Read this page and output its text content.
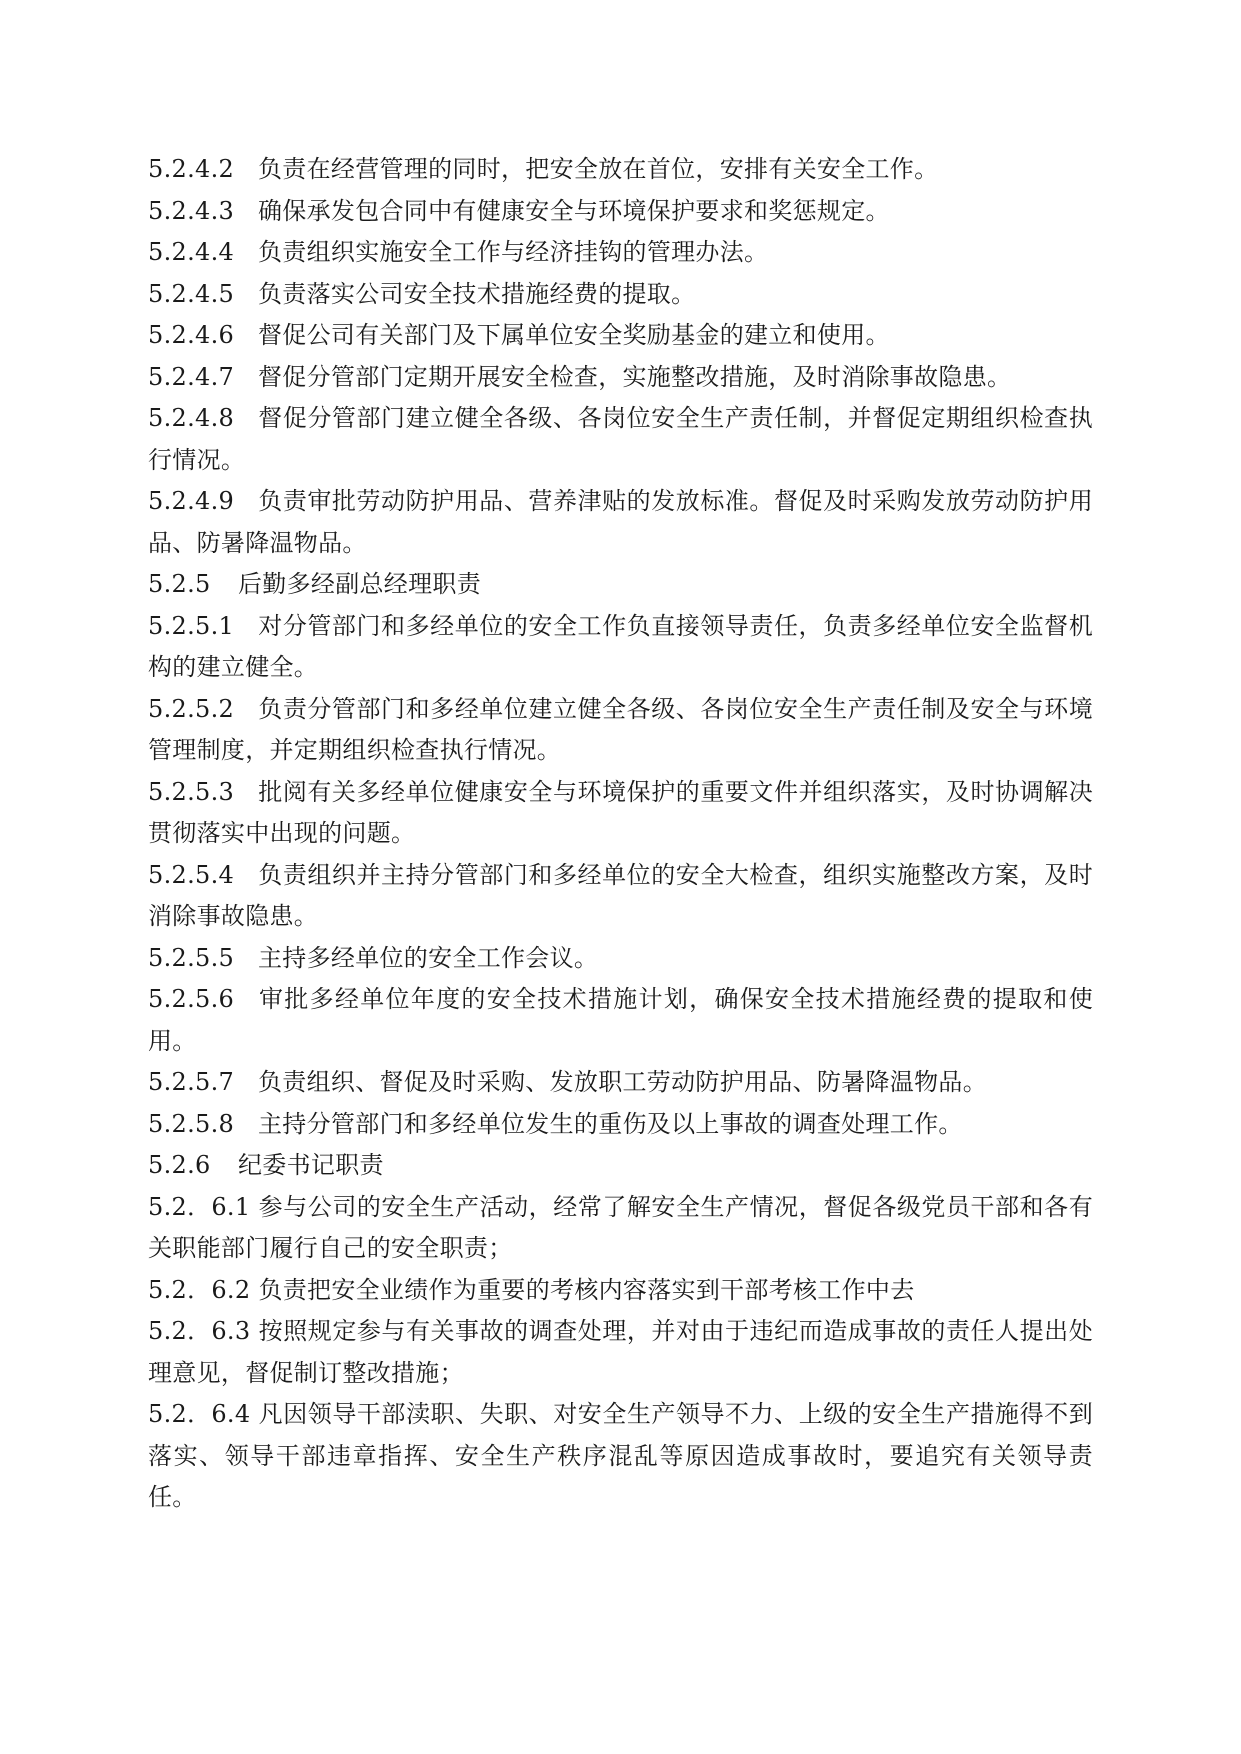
5.2.4.2 负责在经营管理的同时，把安全放在首位，安排有关安全工作。

5.2.4.3 确保承发包合同中有健康安全与环境保护要求和奖惩规定。

5.2.4.4 负责组织实施安全工作与经济挂钩的管理办法。

5.2.4.5 负责落实公司安全技术措施经费的提取。

5.2.4.6 督促公司有关部门及下属单位安全奖励基金的建立和使用。

5.2.4.7 督促分管部门定期开展安全检查，实施整改措施，及时消除事故隐患。

5.2.4.8 督促分管部门建立健全各级、各岗位安全生产责任制，并督促定期组织检查执行情况。

5.2.4.9 负责审批劳动防护用品、营养津贴的发放标准。督促及时采购发放劳动防护用品、防暑降温物品。

5.2.5 后勤多经副总经理职责

5.2.5.1 对分管部门和多经单位的安全工作负直接领导责任，负责多经单位安全监督机构的建立健全。

5.2.5.2 负责分管部门和多经单位建立健全各级、各岗位安全生产责任制及安全与环境管理制度，并定期组织检查执行情况。

5.2.5.3 批阅有关多经单位健康安全与环境保护的重要文件并组织落实，及时协调解决贯彻落实中出现的问题。

5.2.5.4 负责组织并主持分管部门和多经单位的安全大检查，组织实施整改方案，及时消除事故隐患。

5.2.5.5 主持多经单位的安全工作会议。

5.2.5.6 审批多经单位年度的安全技术措施计划，确保安全技术措施经费的提取和使用。

5.2.5.7 负责组织、督促及时采购、发放职工劳动防护用品、防暑降温物品。

5.2.5.8 主持分管部门和多经单位发生的重伤及以上事故的调查处理工作。

5.2.6 纪委书记职责

5.2．6.1 参与公司的安全生产活动，经常了解安全生产情况，督促各级党员干部和各有关职能部门履行自己的安全职责；

5.2．6.2 负责把安全业绩作为重要的考核内容落实到干部考核工作中去

5.2．6.3 按照规定参与有关事故的调查处理，并对由于违纪而造成事故的责任人提出处理意见，督促制订整改措施；

5.2．6.4 凡因领导干部渎职、失职、对安全生产领导不力、上级的安全生产措施得不到落实、领导干部违章指挥、安全生产秩序混乱等原因造成事故时，要追究有关领导责任。
